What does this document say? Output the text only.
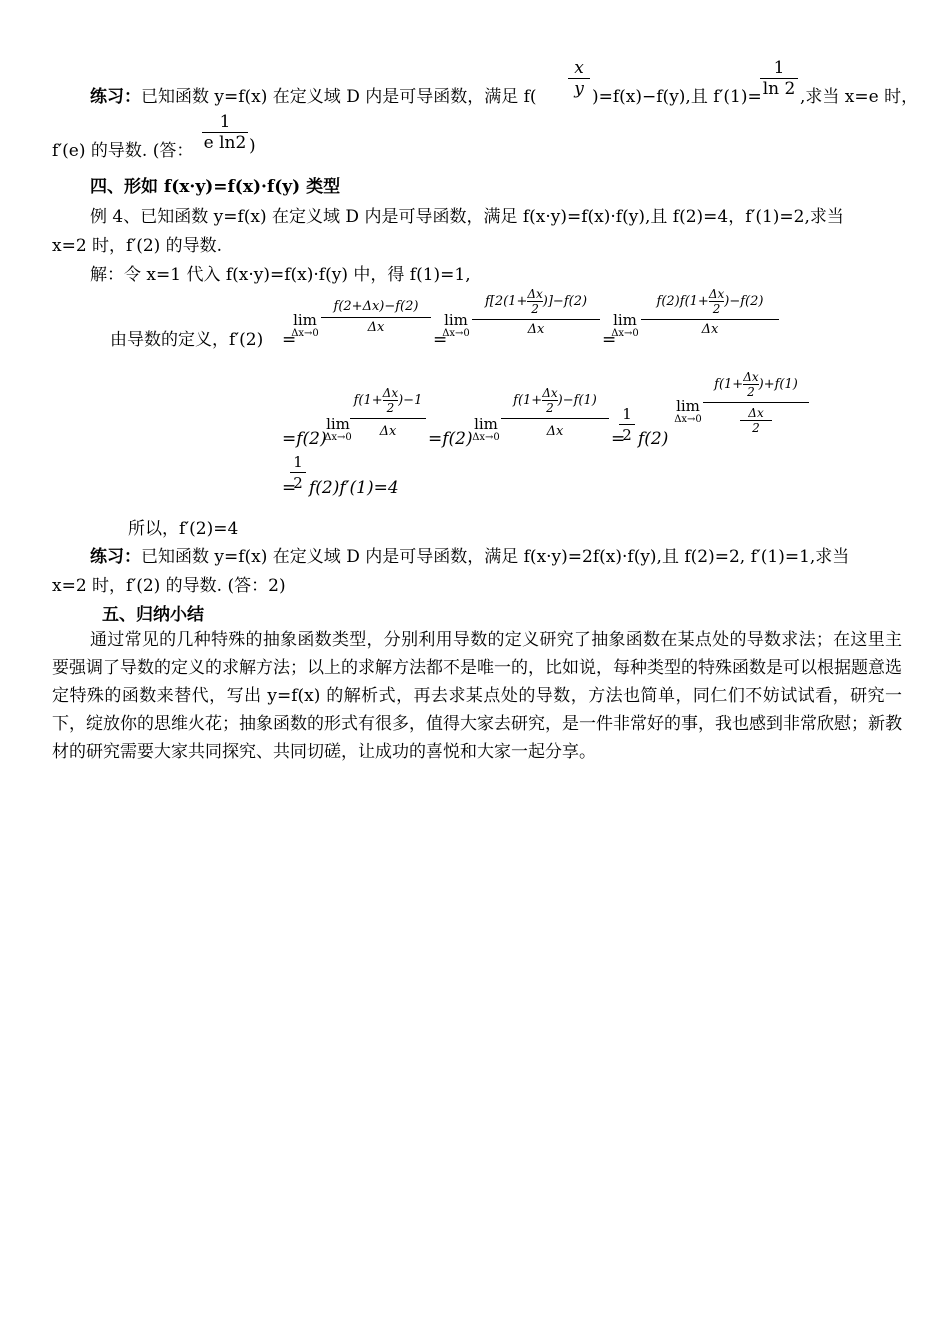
练习：已知函数 y=f(x) 在定义域 D 内是可导函数，满足 $f( \frac{x}{y} )=f(x)-f(y)$,且 f′(1)=
$\frac{1}{\ln 2}$ ,求当 x=e 时，
f′(e) 的导数. (答： $\frac{1}{\text{e ln2}}$ )
四、形如 f(x·y)=f(x)·f(y) 类型
例 4、已知函数 y=f(x) 在定义域 D 内是可导函数，满足 f(x·y)=f(x)·f(y),且 f(2)=4，f′(1)=2,求当
x=2 时，f′(2) 的导数.
解：令 x=1 代入 f(x·y)=f(x)·f(y) 中，得 f(1)=1,
由导数的定义，f′(2) =
lim
$\Delta x\to 0 \frac{f(2+\Delta x)-f(2)}{\Delta x}$
=
lim
Δx→0
$f[2(1+ \frac{\Delta x}{2} )]-f(2)$
Δx
=
lim
Δx→0
$f(2)f(1+ \frac{\Delta x}{2} )-f(2)$
Δx
=f(2)
lim
Δx→0
$f(1+ \frac{\Delta x}{2} )-1$
Δx	=f(2)
lim
Δx→0
$f(1+ \frac{\Delta x}{2} )-f(1)$
Δx	=
$\frac{1}{2} f(2)$
lim
Δx→0
$f(1+ \frac{\Delta x}{2} )+f(1)$
Δx
2
=
$\frac{1}{2} f(2)f'(1)=4$
所以，f′(2)=4
练习：已知函数 y=f(x) 在定义域 D 内是可导函数，满足 f(x·y)=2f(x)·f(y),且 f(2)=2, f′(1)=1,求当
x=2 时，f′(2) 的导数. (答：2)
五、归纳小结
通过常见的几种特殊的抽象函数类型，分别利用导数的定义研究了抽象函数在某点处的导数求法；在这里主要强调了导数的定义的求解方法；以上的求解方法都不是唯一的，比如说，每种类型的特殊函数是可以根据题意选定特殊的函数来替代，写出 y=f(x) 的解析式，再去求某点处的导数，方法也简单，同仁们不妨试试看，研究一下，绽放你的思维火花；抽象函数的形式有很多，值得大家去研究，是一件非常好的事，我也感到非常欣慰；新教材的研究需要大家共同探究、共同切磋，让成功的喜悦和大家一起分享。
